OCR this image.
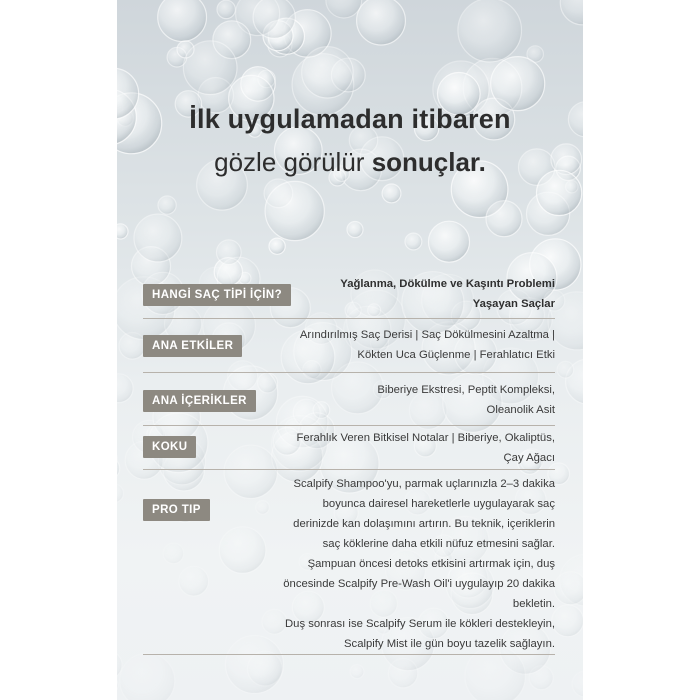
İlk uygulamadan itibaren
gözle görülür sonuçlar.
HANGİ SAÇ TİPİ İÇİN?
Yağlanma, Dökülme ve Kaşıntı Problemi
Yaşayan Saçlar
ANA ETKİLER
Arındırılmış Saç Derisi | Saç Dökülmesini Azaltma |
Kökten Uca Güçlenme | Ferahlatıcı Etki
ANA İÇERİKLER
Biberiye Ekstresi, Peptit Kompleksi,
Oleanolik Asit
KOKU
Ferahlık Veren Bitkisel Notalar | Biberiye, Okaliptüs,
Çay Ağacı
PRO TIP
Scalpify Shampoo'yu, parmak uçlarınızla 2–3 dakika
boyunca dairesel hareketlerle uygulayarak saç
derinizde kan dolaşımını artırın. Bu teknik, içeriklerin
saç köklerine daha etkili nüfuz etmesini sağlar.
Şampuan öncesi detoks etkisini artırmak için, duş
öncesinde Scalpify Pre-Wash Oil'i uygulayıp 20 dakika
bekletin.
Duş sonrası ise Scalpify Serum ile kökleri destekleyin,
Scalpify Mist ile gün boyu tazelik sağlayın.
